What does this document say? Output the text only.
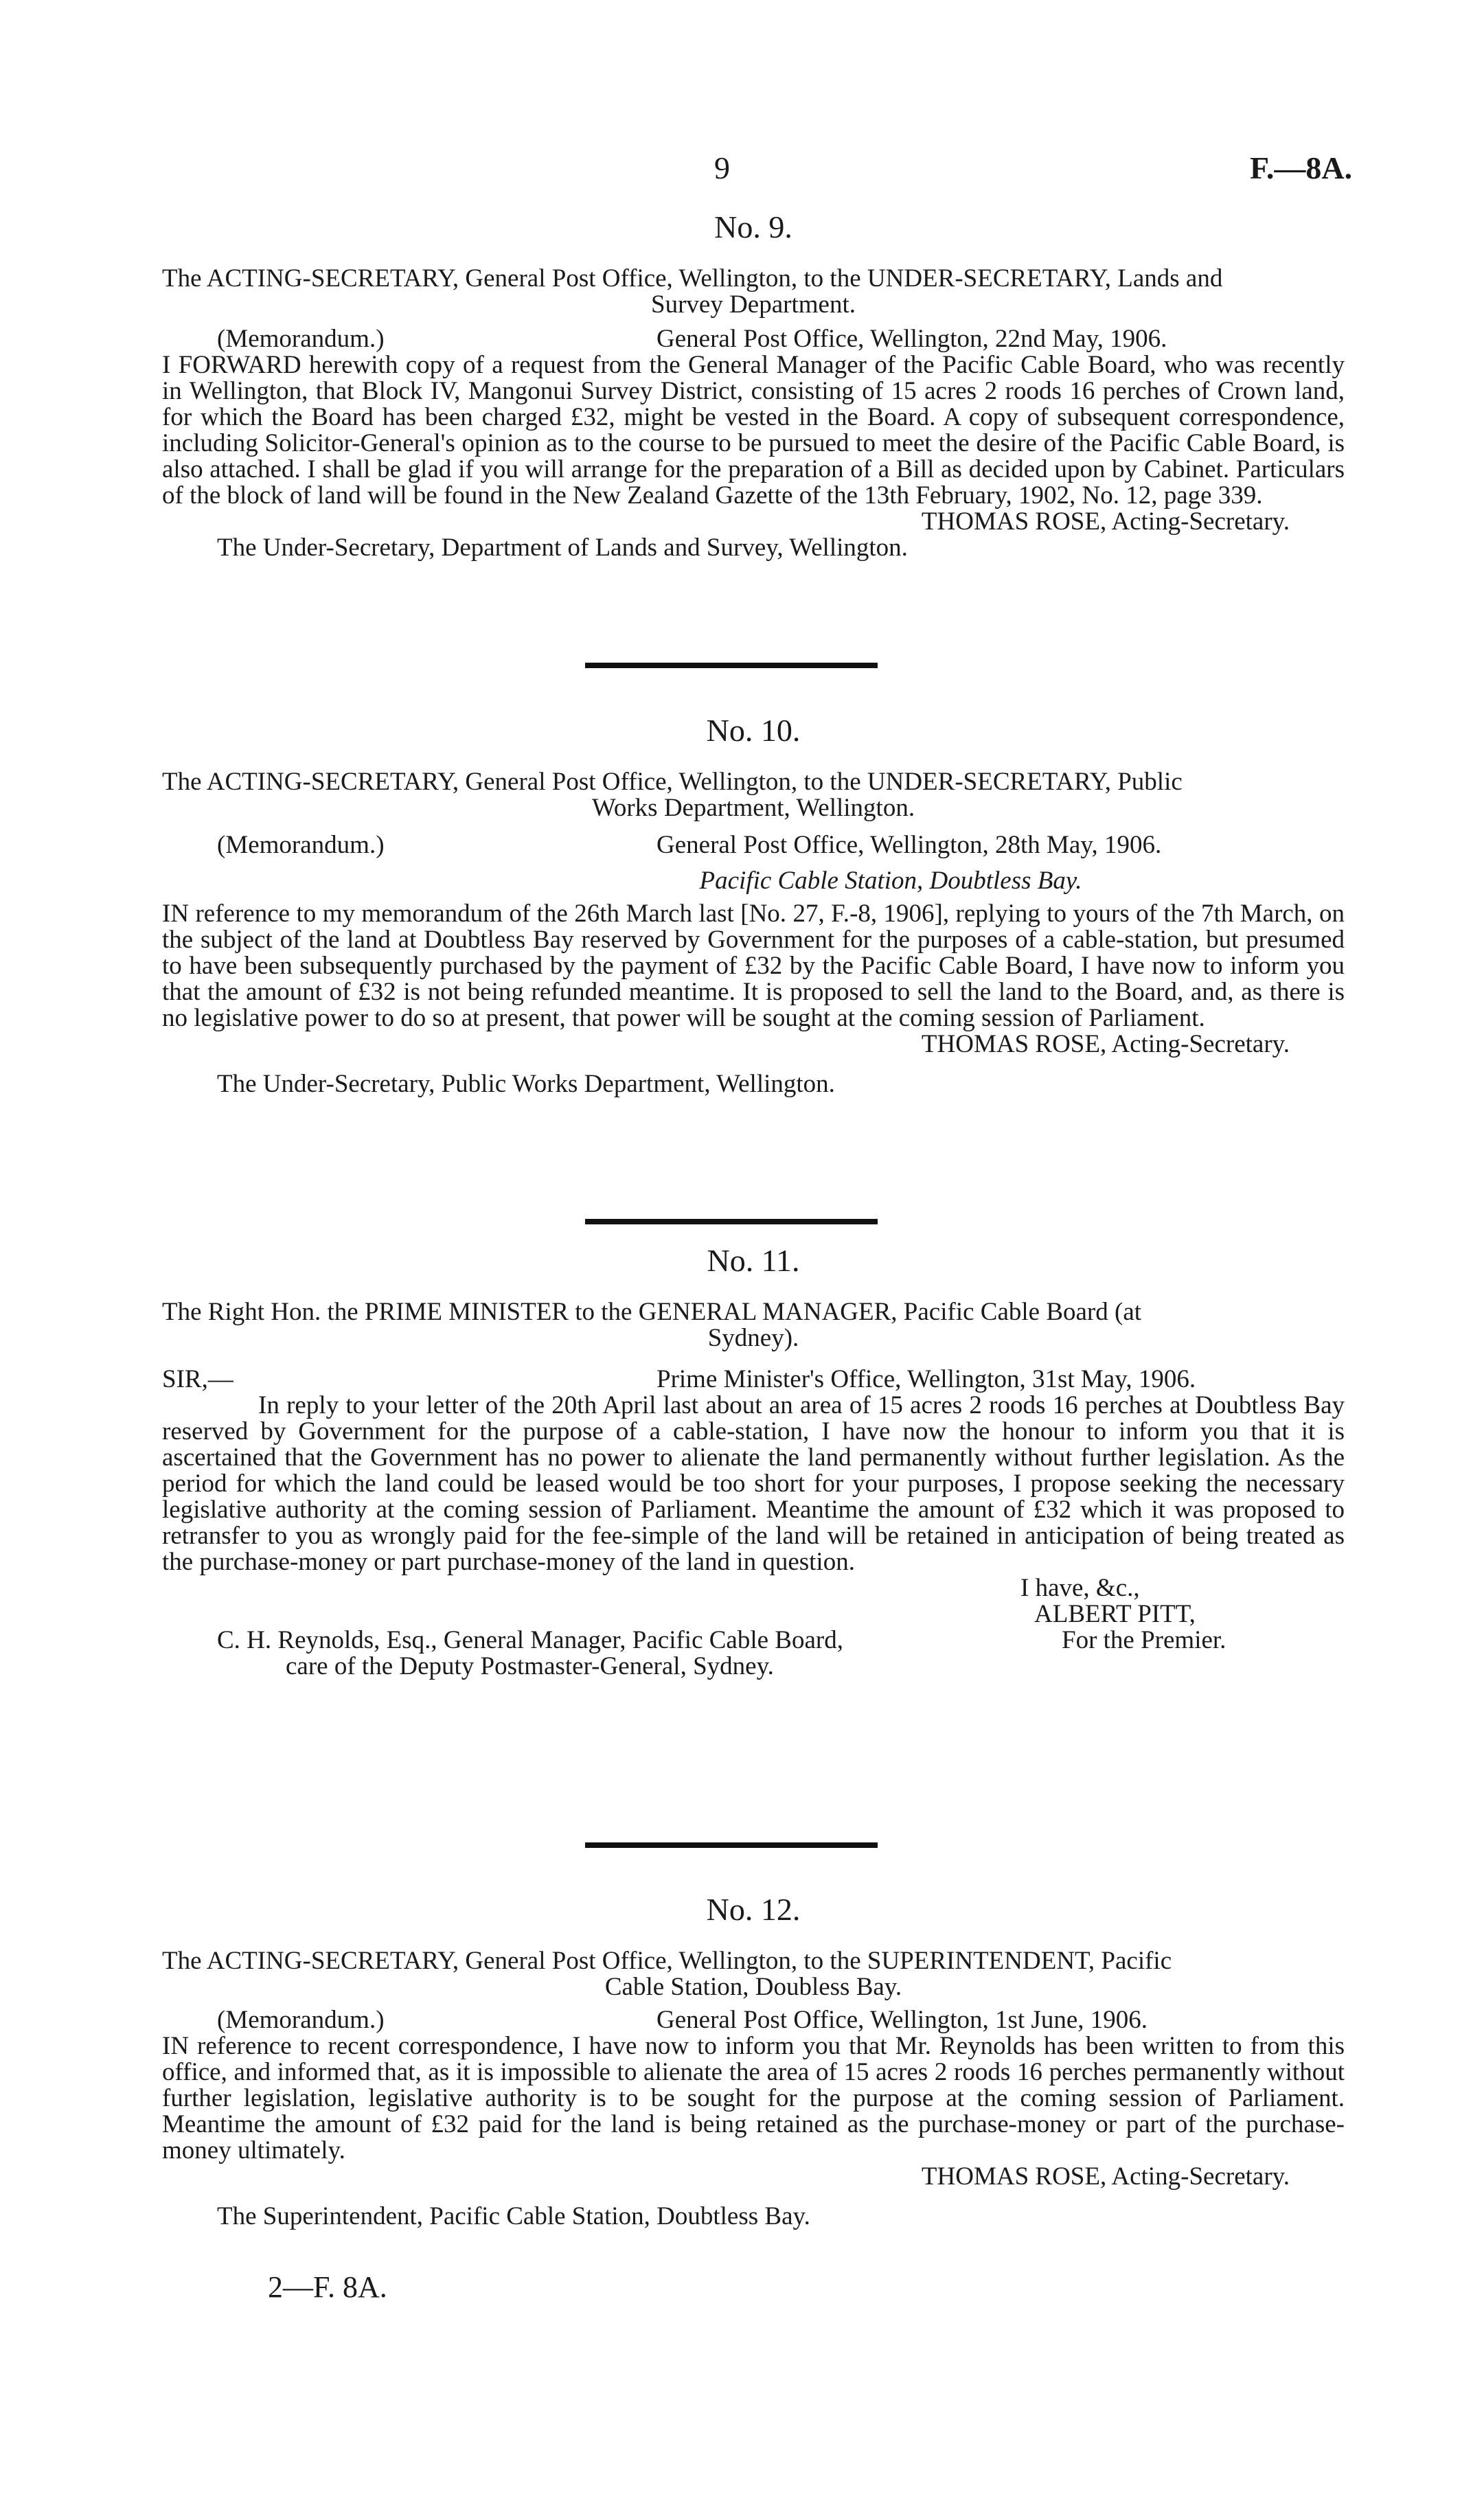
9	F.—8A.
No. 9.
The ACTING-SECRETARY, General Post Office, Wellington, to the UNDER-SECRETARY, Lands and
Survey Department.
(Memorandum.)	General Post Office, Wellington, 22nd May, 1906.

I FORWARD herewith copy of a request from the General Manager of the Pacific Cable Board, who was recently in Wellington, that Block IV, Mangonui Survey District, consisting of 15 acres 2 roods 16 perches of Crown land, for which the Board has been charged £32, might be vested in the Board. A copy of subsequent correspondence, including Solicitor-General's opinion as to the course to be pursued to meet the desire of the Pacific Cable Board, is also attached. I shall be glad if you will arrange for the preparation of a Bill as decided upon by Cabinet. Particulars of the block of land will be found in the New Zealand Gazette of the 13th February, 1902, No. 12, page 339.

THOMAS ROSE, Acting-Secretary.
The Under-Secretary, Department of Lands and Survey, Wellington.
No. 10.
The ACTING-SECRETARY, General Post Office, Wellington, to the UNDER-SECRETARY, Public
Works Department, Wellington.
(Memorandum.)	General Post Office, Wellington, 28th May, 1906.
Pacific Cable Station, Doubtless Bay.

IN reference to my memorandum of the 26th March last [No. 27, F.-8, 1906], replying to yours of the 7th March, on the subject of the land at Doubtless Bay reserved by Government for the purposes of a cable-station, but presumed to have been subsequently purchased by the payment of £32 by the Pacific Cable Board, I have now to inform you that the amount of £32 is not being refunded meantime. It is proposed to sell the land to the Board, and, as there is no legislative power to do so at present, that power will be sought at the coming session of Parliament.

THOMAS ROSE, Acting-Secretary.
The Under-Secretary, Public Works Department, Wellington.
No. 11.
The Right Hon. the PRIME MINISTER to the GENERAL MANAGER, Pacific Cable Board (at
Sydney).
SIR,—	Prime Minister's Office, Wellington, 31st May, 1906.

In reply to your letter of the 20th April last about an area of 15 acres 2 roods 16 perches at Doubtless Bay reserved by Government for the purpose of a cable-station, I have now the honour to inform you that it is ascertained that the Government has no power to alienate the land permanently without further legislation. As the period for which the land could be leased would be too short for your purposes, I propose seeking the necessary legislative authority at the coming session of Parliament. Meantime the amount of £32 which it was proposed to retransfer to you as wrongly paid for the fee-simple of the land will be retained in anticipation of being treated as the purchase-money or part purchase-money of the land in question.

I have, &c.,
ALBERT PITT,
C. H. Reynolds, Esq., General Manager, Pacific Cable Board,	For the Premier.
care of the Deputy Postmaster-General, Sydney.
No. 12.
The ACTING-SECRETARY, General Post Office, Wellington, to the SUPERINTENDENT, Pacific
Cable Station, Doubless Bay.
(Memorandum.)	General Post Office, Wellington, 1st June, 1906.

IN reference to recent correspondence, I have now to inform you that Mr. Reynolds has been written to from this office, and informed that, as it is impossible to alienate the area of 15 acres 2 roods 16 perches permanently without further legislation, legislative authority is to be sought for the purpose at the coming session of Parliament. Meantime the amount of £32 paid for the land is being retained as the purchase-money or part of the purchase-money ultimately.

THOMAS ROSE, Acting-Secretary.
The Superintendent, Pacific Cable Station, Doubtless Bay.
2—F. 8A.
